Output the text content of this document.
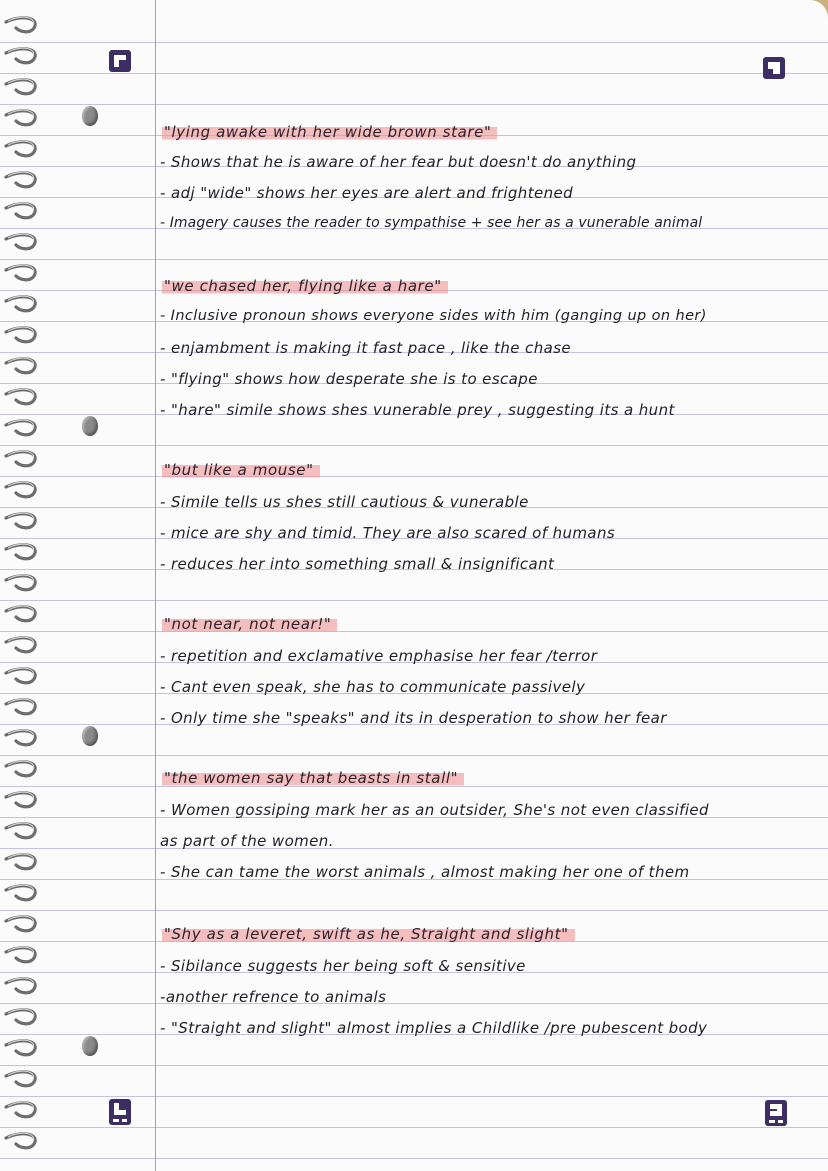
"lying awake with her wide brown stare"
- Shows that he is aware of her fear but doesn't do anything
- adj "wide" shows her eyes are alert and frightened
- Imagery causes the reader to sympathise + see her as a vunerable animal
"we chased her, flying like a hare"
- Inclusive pronoun shows everyone sides with him (ganging up on her)
- enjambment is making it fast pace , like the chase
- "flying" shows how desperate she is to escape
- "hare" simile shows shes vunerable prey , suggesting its a hunt
"but like a mouse"
- Simile tells us shes still cautious & vunerable
- mice are shy and timid. They are also scared of humans
- reduces her into something small & insignificant
"not near, not near!"
- repetition and exclamative emphasise her fear /terror
- Cant even speak, she has to communicate passively
- Only time she "speaks" and its in desperation to show her fear
"the women say that beasts in stall"
- Women gossiping mark her as an outsider, She's not even classified
as part of the women.
- She can tame the worst animals , almost making her one of them
"Shy as a leveret, swift as he, Straight and slight"
- Sibilance suggests her being soft & sensitive
-another refrence to animals
- "Straight and slight" almost implies a Childlike /pre pubescent body
